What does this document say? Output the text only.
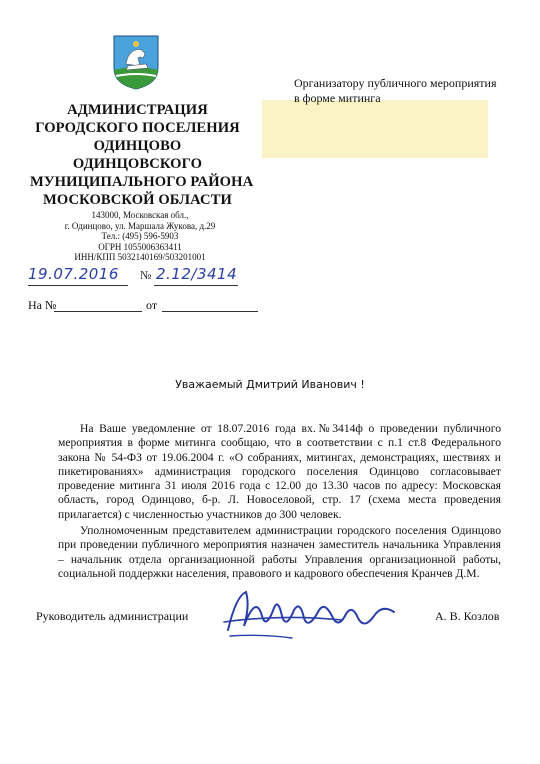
АДМИНИСТРАЦИЯ
ГОРОДСКОГО ПОСЕЛЕНИЯ
ОДИНЦОВО
ОДИНЦОВСКОГО
МУНИЦИПАЛЬНОГО РАЙОНА
МОСКОВСКОЙ ОБЛАСТИ
143000, Московская обл.,
г. Одинцово, ул. Маршала Жукова, д.29
Тел.: (495) 596-5903
ОГРН 1055006363411
ИНН/КПП 5032140169/503201001
19.07.2016 № 2.12/3414
На №	от
Организатору публичного мероприятия
в форме митинга
Уважаемый Дмитрий Иванович !

На Ваше уведомление от 18.07.2016 года вх.№3414ф о проведении публичного мероприятия в форме митинга сообщаю, что в соответствии с п.1 ст.8 Федерального закона № 54-ФЗ от 19.06.2004 г. «О собраниях, митингах, демонстрациях, шествиях и пикетированиях» администрация городского поселения Одинцово согласовывает проведение митинга 31 июля 2016 года с 12.00 до 13.30 часов по адресу: Московская область, город Одинцово, б-р. Л. Новоселовой, стр. 17 (схема места проведения прилагается) с численностью участников до 300 человек.

Уполномоченным представителем администрации городского поселения Одинцово при проведении публичного мероприятия назначен заместитель начальника Управления – начальник отдела организационной работы Управления организационной работы, социальной поддержки населения, правового и кадрового обеспечения Кранчев Д.М.

Руководитель администрации	А. В. Козлов
